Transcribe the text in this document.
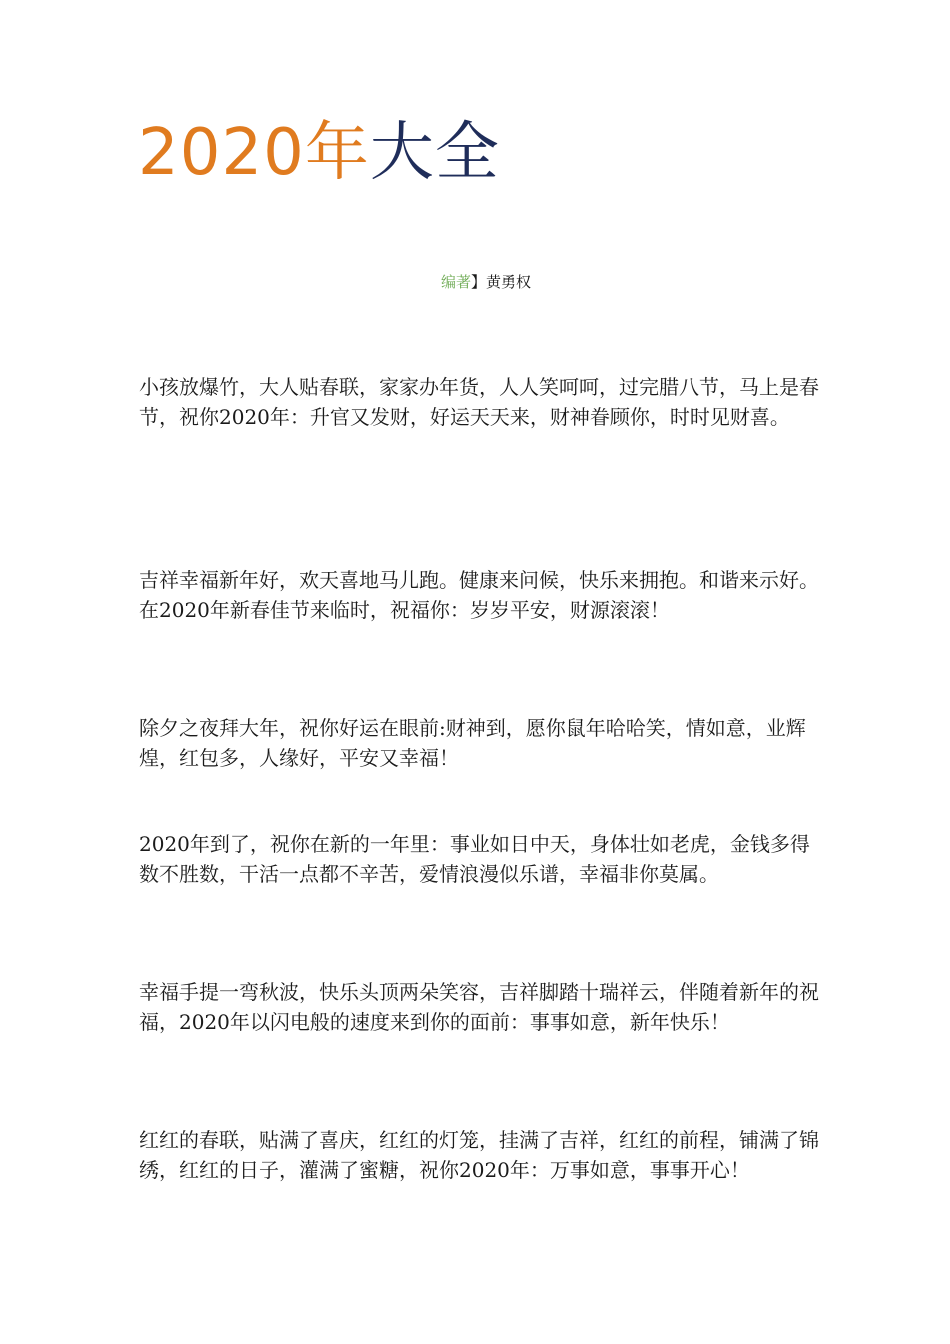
2020年大全
编著】黄勇权

小孩放爆竹，大人贴春联，家家办年货，人人笑呵呵，过完腊八节，马上是春节，祝你2020年：升官又发财，好运天天来，财神眷顾你，时时见财喜。

吉祥幸福新年好，欢天喜地马儿跑。健康来问候，快乐来拥抱。和谐来示好。在2020年新春佳节来临时，祝福你：岁岁平安，财源滚滚！

除夕之夜拜大年，祝你好运在眼前:财神到，愿你鼠年哈哈笑，情如意，业辉煌，红包多，人缘好，平安又幸福！

2020年到了，祝你在新的一年里：事业如日中天，身体壮如老虎，金钱多得数不胜数，干活一点都不辛苦，爱情浪漫似乐谱，幸福非你莫属。

幸福手提一弯秋波，快乐头顶两朵笑容，吉祥脚踏十瑞祥云，伴随着新年的祝福，2020年以闪电般的速度来到你的面前：事事如意，新年快乐！

红红的春联，贴满了喜庆，红红的灯笼，挂满了吉祥，红红的前程，铺满了锦绣，红红的日子，灌满了蜜糖，祝你2020年：万事如意，事事开心！
